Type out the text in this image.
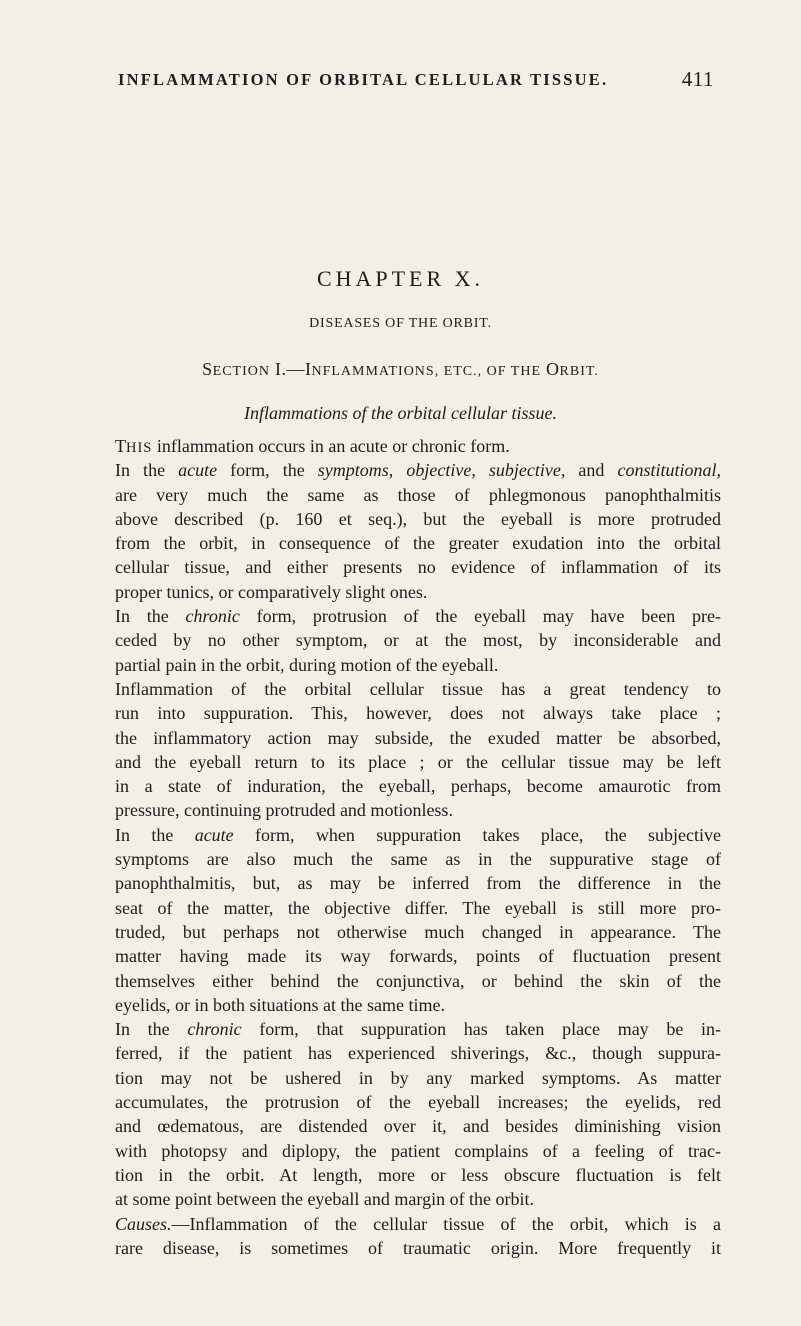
INFLAMMATION OF ORBITAL CELLULAR TISSUE.	411
CHAPTER X.
DISEASES OF THE ORBIT.
SECTION I.—INFLAMMATIONS, ETC., OF THE ORBIT.
Inflammations of the orbital cellular tissue.

THIS inflammation occurs in an acute or chronic form.

In the acute form, the symptoms, objective, subjective, and constitutional,
are very much the same as those of phlegmonous panophthalmitis
above described (p. 160 et seq.), but the eyeball is more protruded
from the orbit, in consequence of the greater exudation into the orbital
cellular tissue, and either presents no evidence of inflammation of its
proper tunics, or comparatively slight ones.

In the chronic form, protrusion of the eyeball may have been pre-
ceded by no other symptom, or at the most, by inconsiderable and
partial pain in the orbit, during motion of the eyeball.

Inflammation of the orbital cellular tissue has a great tendency to
run into suppuration. This, however, does not always take place ;
the inflammatory action may subside, the exuded matter be absorbed,
and the eyeball return to its place ; or the cellular tissue may be left
in a state of induration, the eyeball, perhaps, become amaurotic from
pressure, continuing protruded and motionless.

In the acute form, when suppuration takes place, the subjective
symptoms are also much the same as in the suppurative stage of
panophthalmitis, but, as may be inferred from the difference in the
seat of the matter, the objective differ. The eyeball is still more pro-
truded, but perhaps not otherwise much changed in appearance. The
matter having made its way forwards, points of fluctuation present
themselves either behind the conjunctiva, or behind the skin of the
eyelids, or in both situations at the same time.

In the chronic form, that suppuration has taken place may be in-
ferred, if the patient has experienced shiverings, &c., though suppura-
tion may not be ushered in by any marked symptoms. As matter
accumulates, the protrusion of the eyeball increases; the eyelids, red
and œdematous, are distended over it, and besides diminishing vision
with photopsy and diplopy, the patient complains of a feeling of trac-
tion in the orbit. At length, more or less obscure fluctuation is felt
at some point between the eyeball and margin of the orbit.

Causes.—Inflammation of the cellular tissue of the orbit, which is a
rare disease, is sometimes of traumatic origin. More frequently it
